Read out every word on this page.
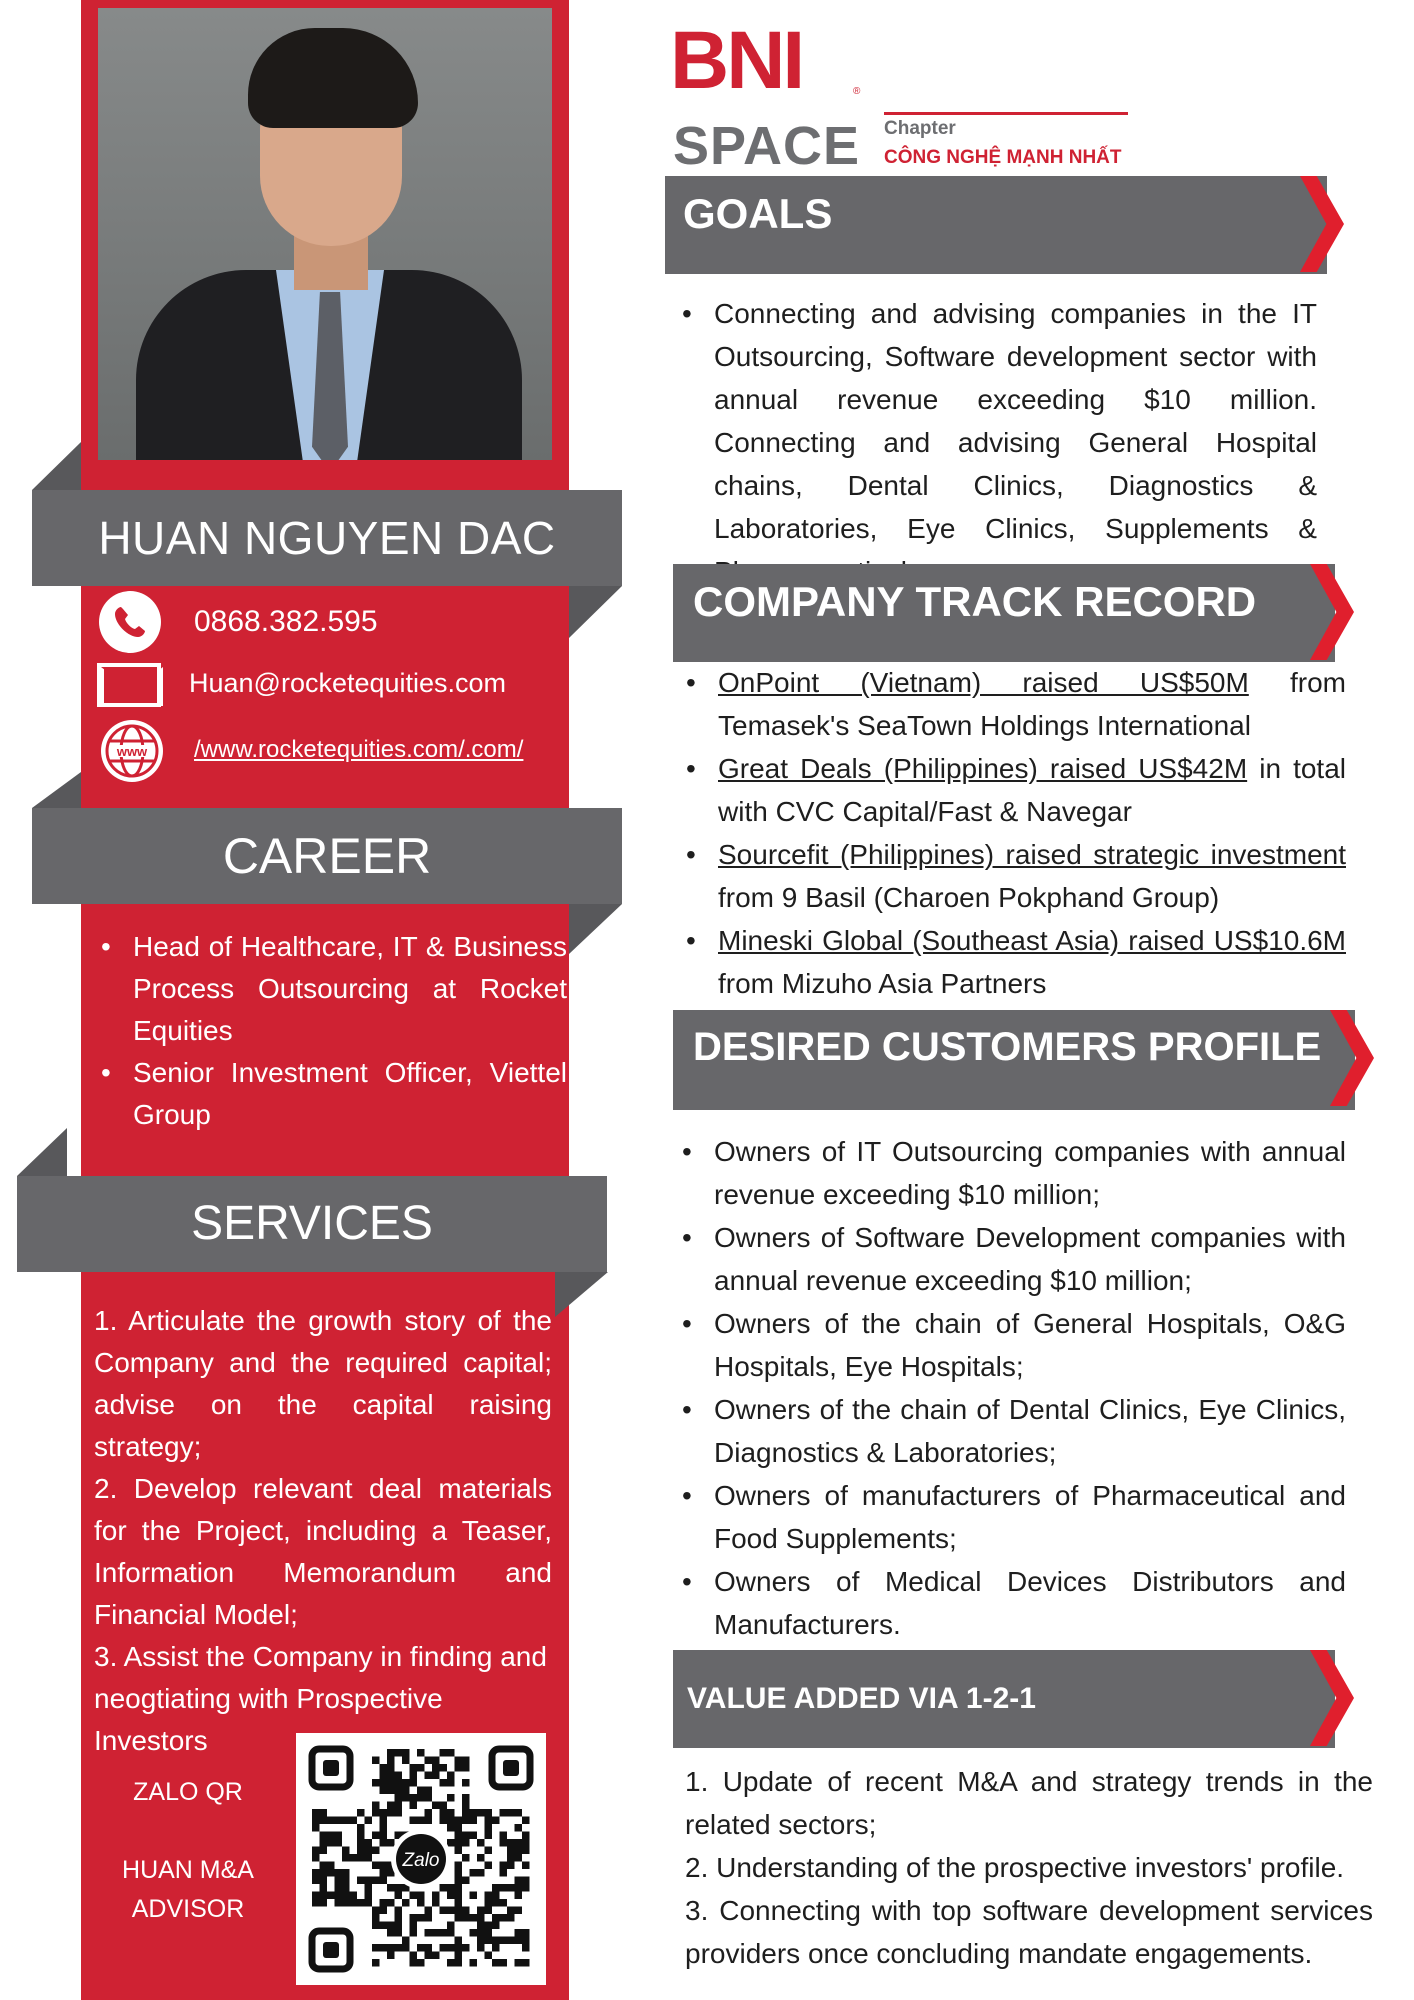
HUAN NGUYEN DAC
0868.382.595
Huan@rocketequities.com
www /www.rocketequities.com/.com/
CAREER
• Head of Healthcare, IT & Business Process Outsourcing at Rocket Equities
• Senior Investment Officer, Viettel Group
SERVICES

1. Articulate the growth story of the Company and the required capital; advise on the capital raising strategy;

2. Develop relevant deal materials for the Project, including a Teaser, Information Memorandum and Financial Model;

3. Assist the Company in finding and neogtiating with Prospective Investors

ZALO QR
HUAN M&A
ADVISOR
Zalo
BNI	®
SPACE Chapter
CÔNG NGHỆ MẠNH NHẤT
GOALS
• Connecting and advising companies in the IT Outsourcing, Software development sector with annual revenue exceeding $10 million. Connecting and advising General Hospital chains, Dental Clinics, Diagnostics & Laboratories, Eye Clinics, Supplements &
COMPANY TRACK RECORD
• OnPoint (Vietnam) raised US$50M from Temasek's SeaTown Holdings International
• Great Deals (Philippines) raised US$42M in total with CVC Capital/Fast & Navegar
• Sourcefit (Philippines) raised strategic investment from 9 Basil (Charoen Pokphand Group)
• Mineski Global (Southeast Asia) raised US$10.6M from Mizuho Asia Partners
DESIRED CUSTOMERS PROFILE
• Owners of IT Outsourcing companies with annual revenue exceeding $10 million;
• Owners of Software Development companies with annual revenue exceeding $10 million;
• Owners of the chain of General Hospitals, O&G Hospitals, Eye Hospitals;
• Owners of the chain of Dental Clinics, Eye Clinics, Diagnostics & Laboratories;
• Owners of manufacturers of Pharmaceutical and Food Supplements;
• Owners of Medical Devices Distributors and Manufacturers.
VALUE ADDED VIA 1-2-1

1. Update of recent M&A and strategy trends in the related sectors;

2. Understanding of the prospective investors' profile.

3. Connecting with top software development services providers once concluding mandate engagements.
